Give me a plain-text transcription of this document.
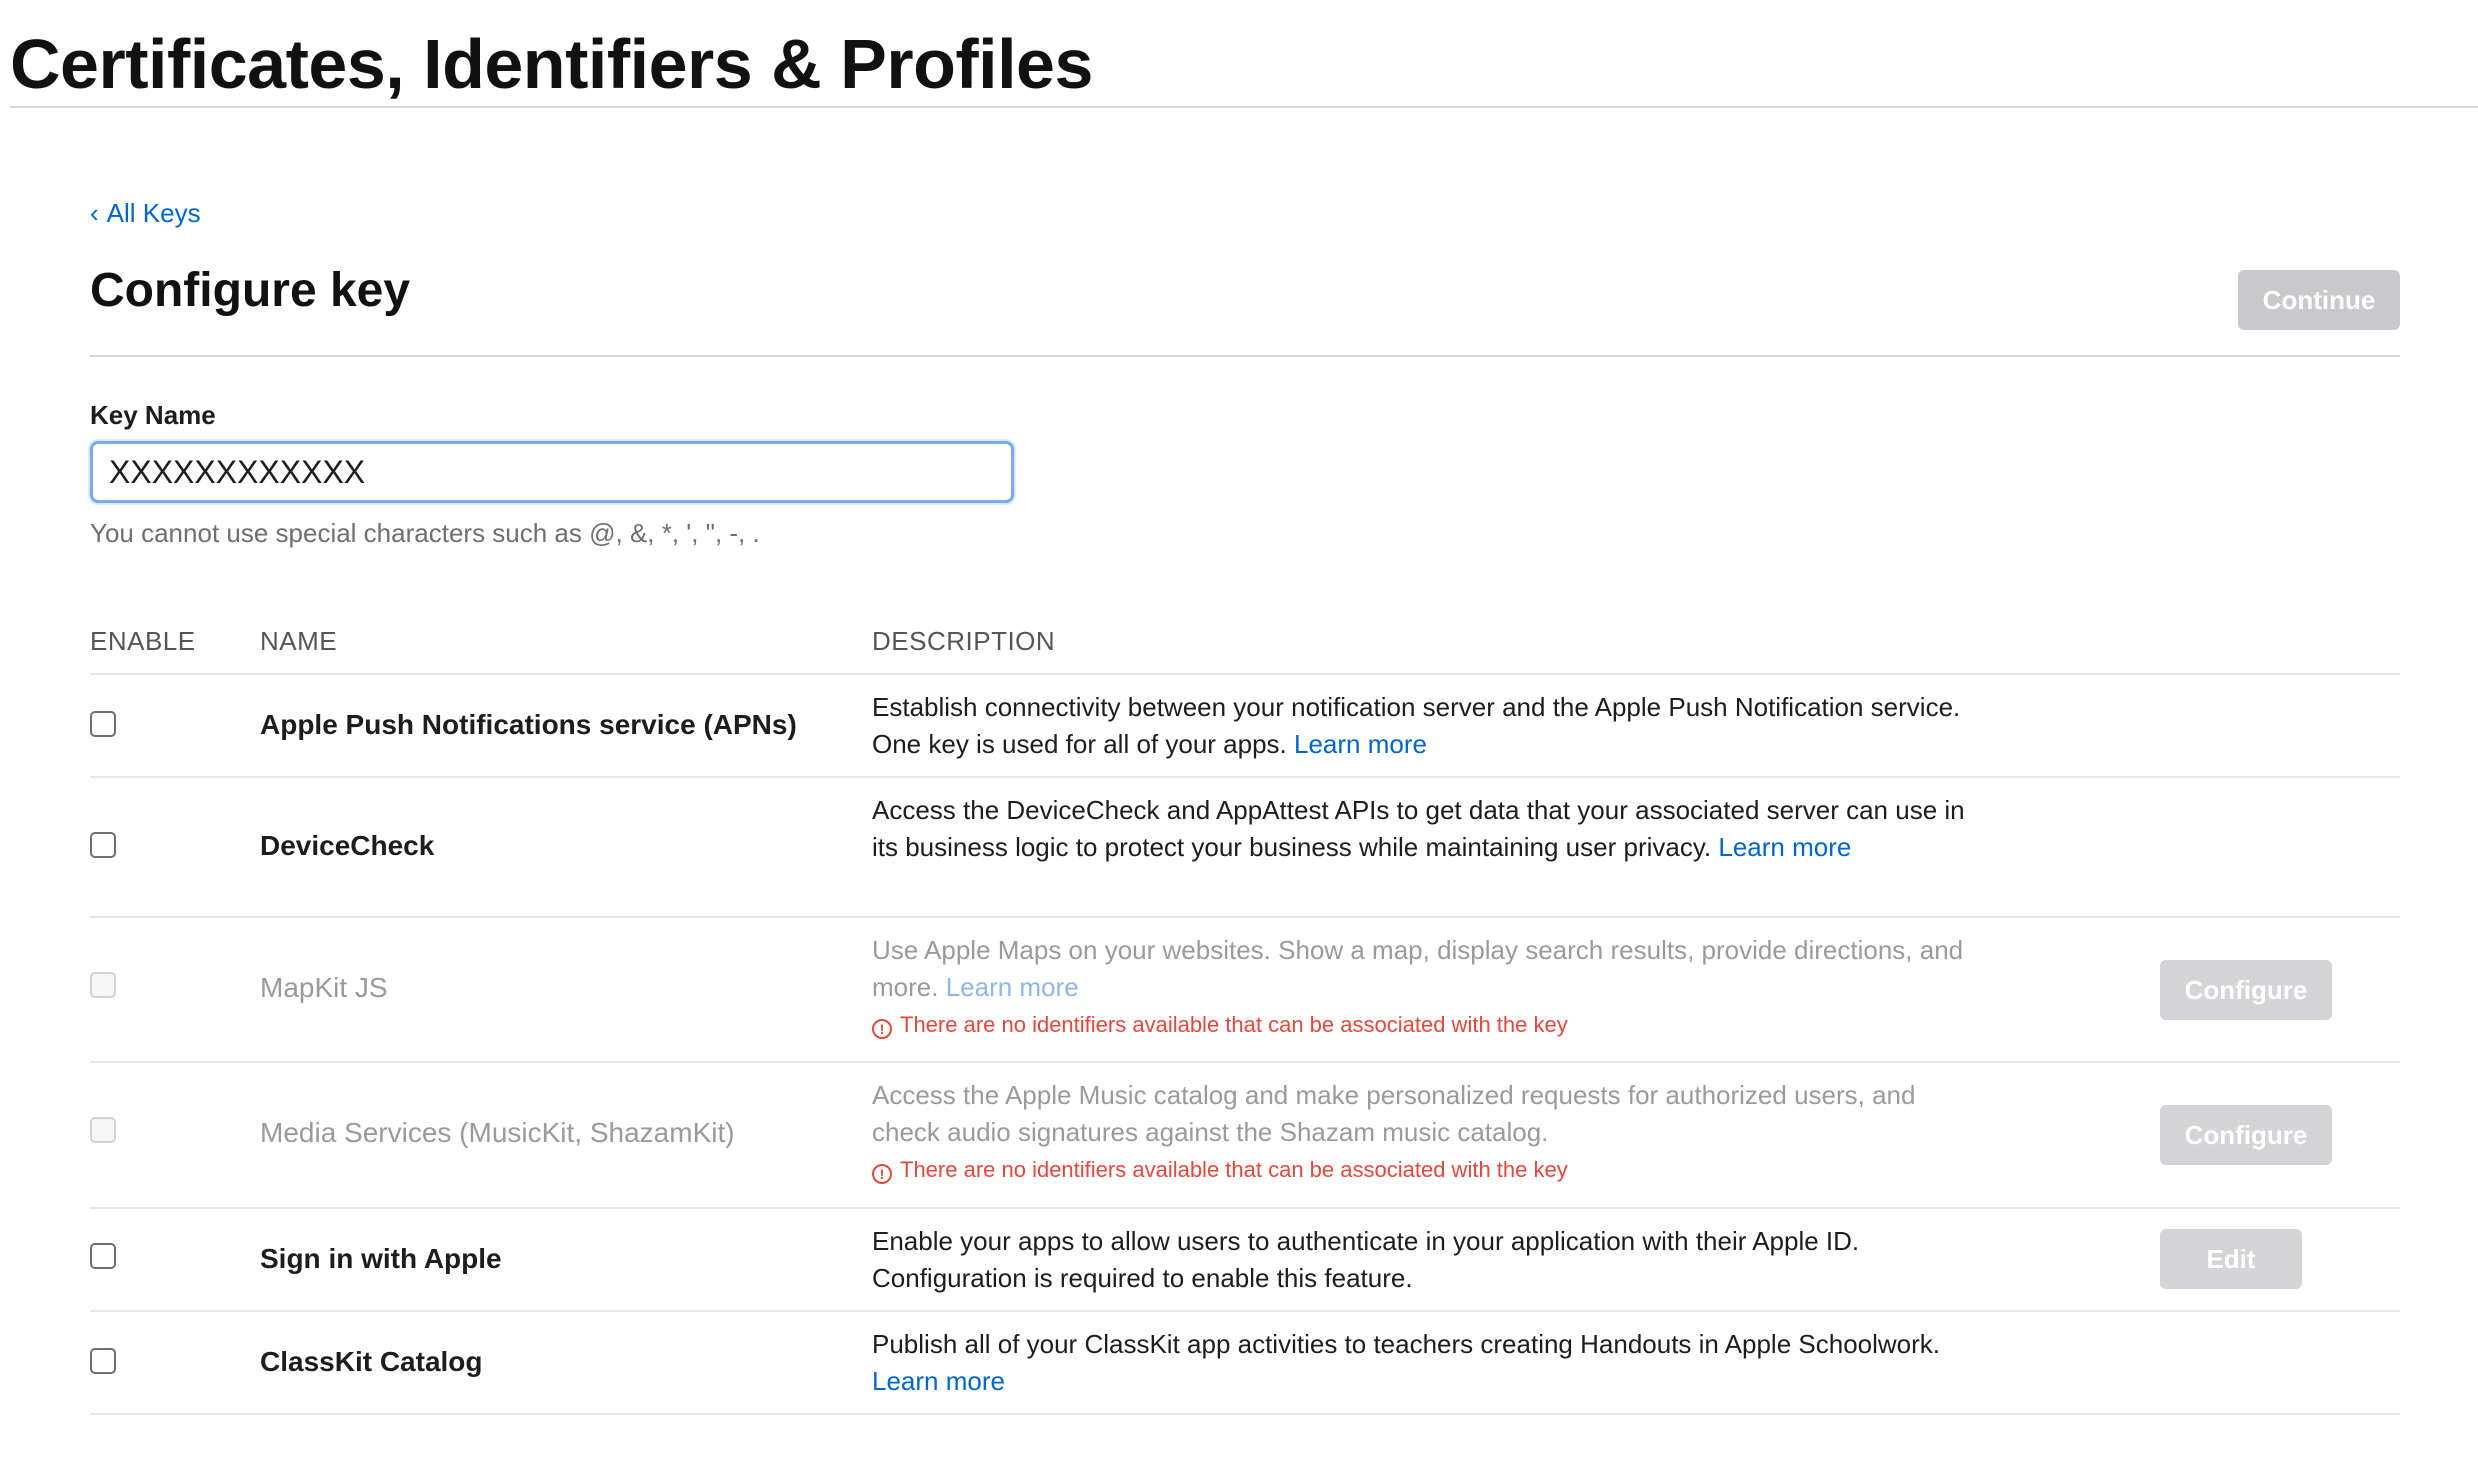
Certificates, Identifiers & Profiles
‹ All Keys
Configure key	Continue
Key Name
XXXXXXXXXXXX
You cannot use special characters such as @, &, *, ', ", -, .
ENABLE NAME	DESCRIPTION
Apple Push Notifications service (APNs)
Establish connectivity between your notification server and the Apple Push Notification service. One key is used for all of your apps. Learn more
DeviceCheck
Access the DeviceCheck and AppAttest APIs to get data that your associated server can use in its business logic to protect your business while maintaining user privacy. Learn more
MapKit JS
Use Apple Maps on your websites. Show a map, display search results, provide directions, and more. Learn more
! There are no identifiers available that can be associated with the key
Configure
Media Services (MusicKit, ShazamKit)
Access the Apple Music catalog and make personalized requests for authorized users, and check audio signatures against the Shazam music catalog.
! There are no identifiers available that can be associated with the key
Configure
Sign in with Apple
Enable your apps to allow users to authenticate in your application with their Apple ID. Configuration is required to enable this feature.
Edit
ClassKit Catalog
Publish all of your ClassKit app activities to teachers creating Handouts in Apple Schoolwork. Learn more
